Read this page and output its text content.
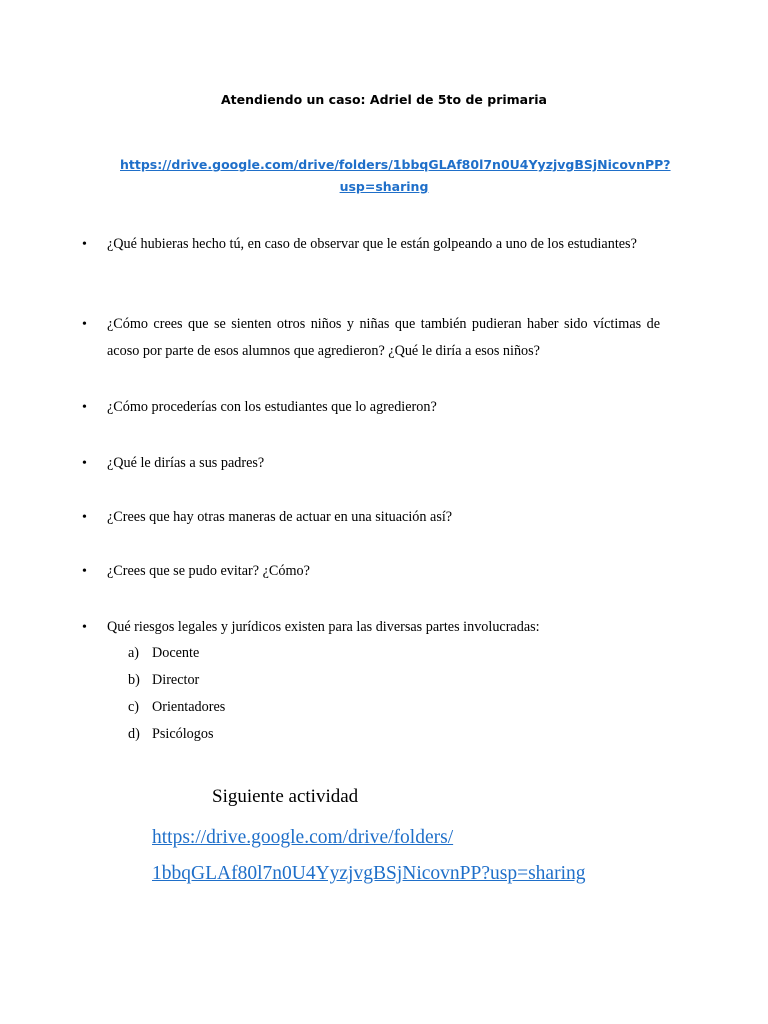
Atendiendo un caso: Adriel de 5to de primaria
https://drive.google.com/drive/folders/1bbqGLAf80l7n0U4YyzjvgBSjNicovnPP?
usp=sharing
• ¿Qué hubieras hecho tú, en caso de observar que le están golpeando a uno de los estudiantes?
• ¿Cómo crees que se sienten otros niños y niñas que también pudieran haber sido víctimas de acoso por parte de esos alumnos que agredieron? ¿Qué le diría a esos niños?
• ¿Cómo procederías con los estudiantes que lo agredieron?
• ¿Qué le dirías a sus padres?
• ¿Crees que hay otras maneras de actuar en una situación así?
• ¿Crees que se pudo evitar? ¿Cómo?
• Qué riesgos legales y jurídicos existen para las diversas partes involucradas:
a) Docente
b) Director
c) Orientadores
d) Psicólogos
Siguiente actividad
https://drive.google.com/drive/folders/
1bbqGLAf80l7n0U4YyzjvgBSjNicovnPP?usp=sharing
